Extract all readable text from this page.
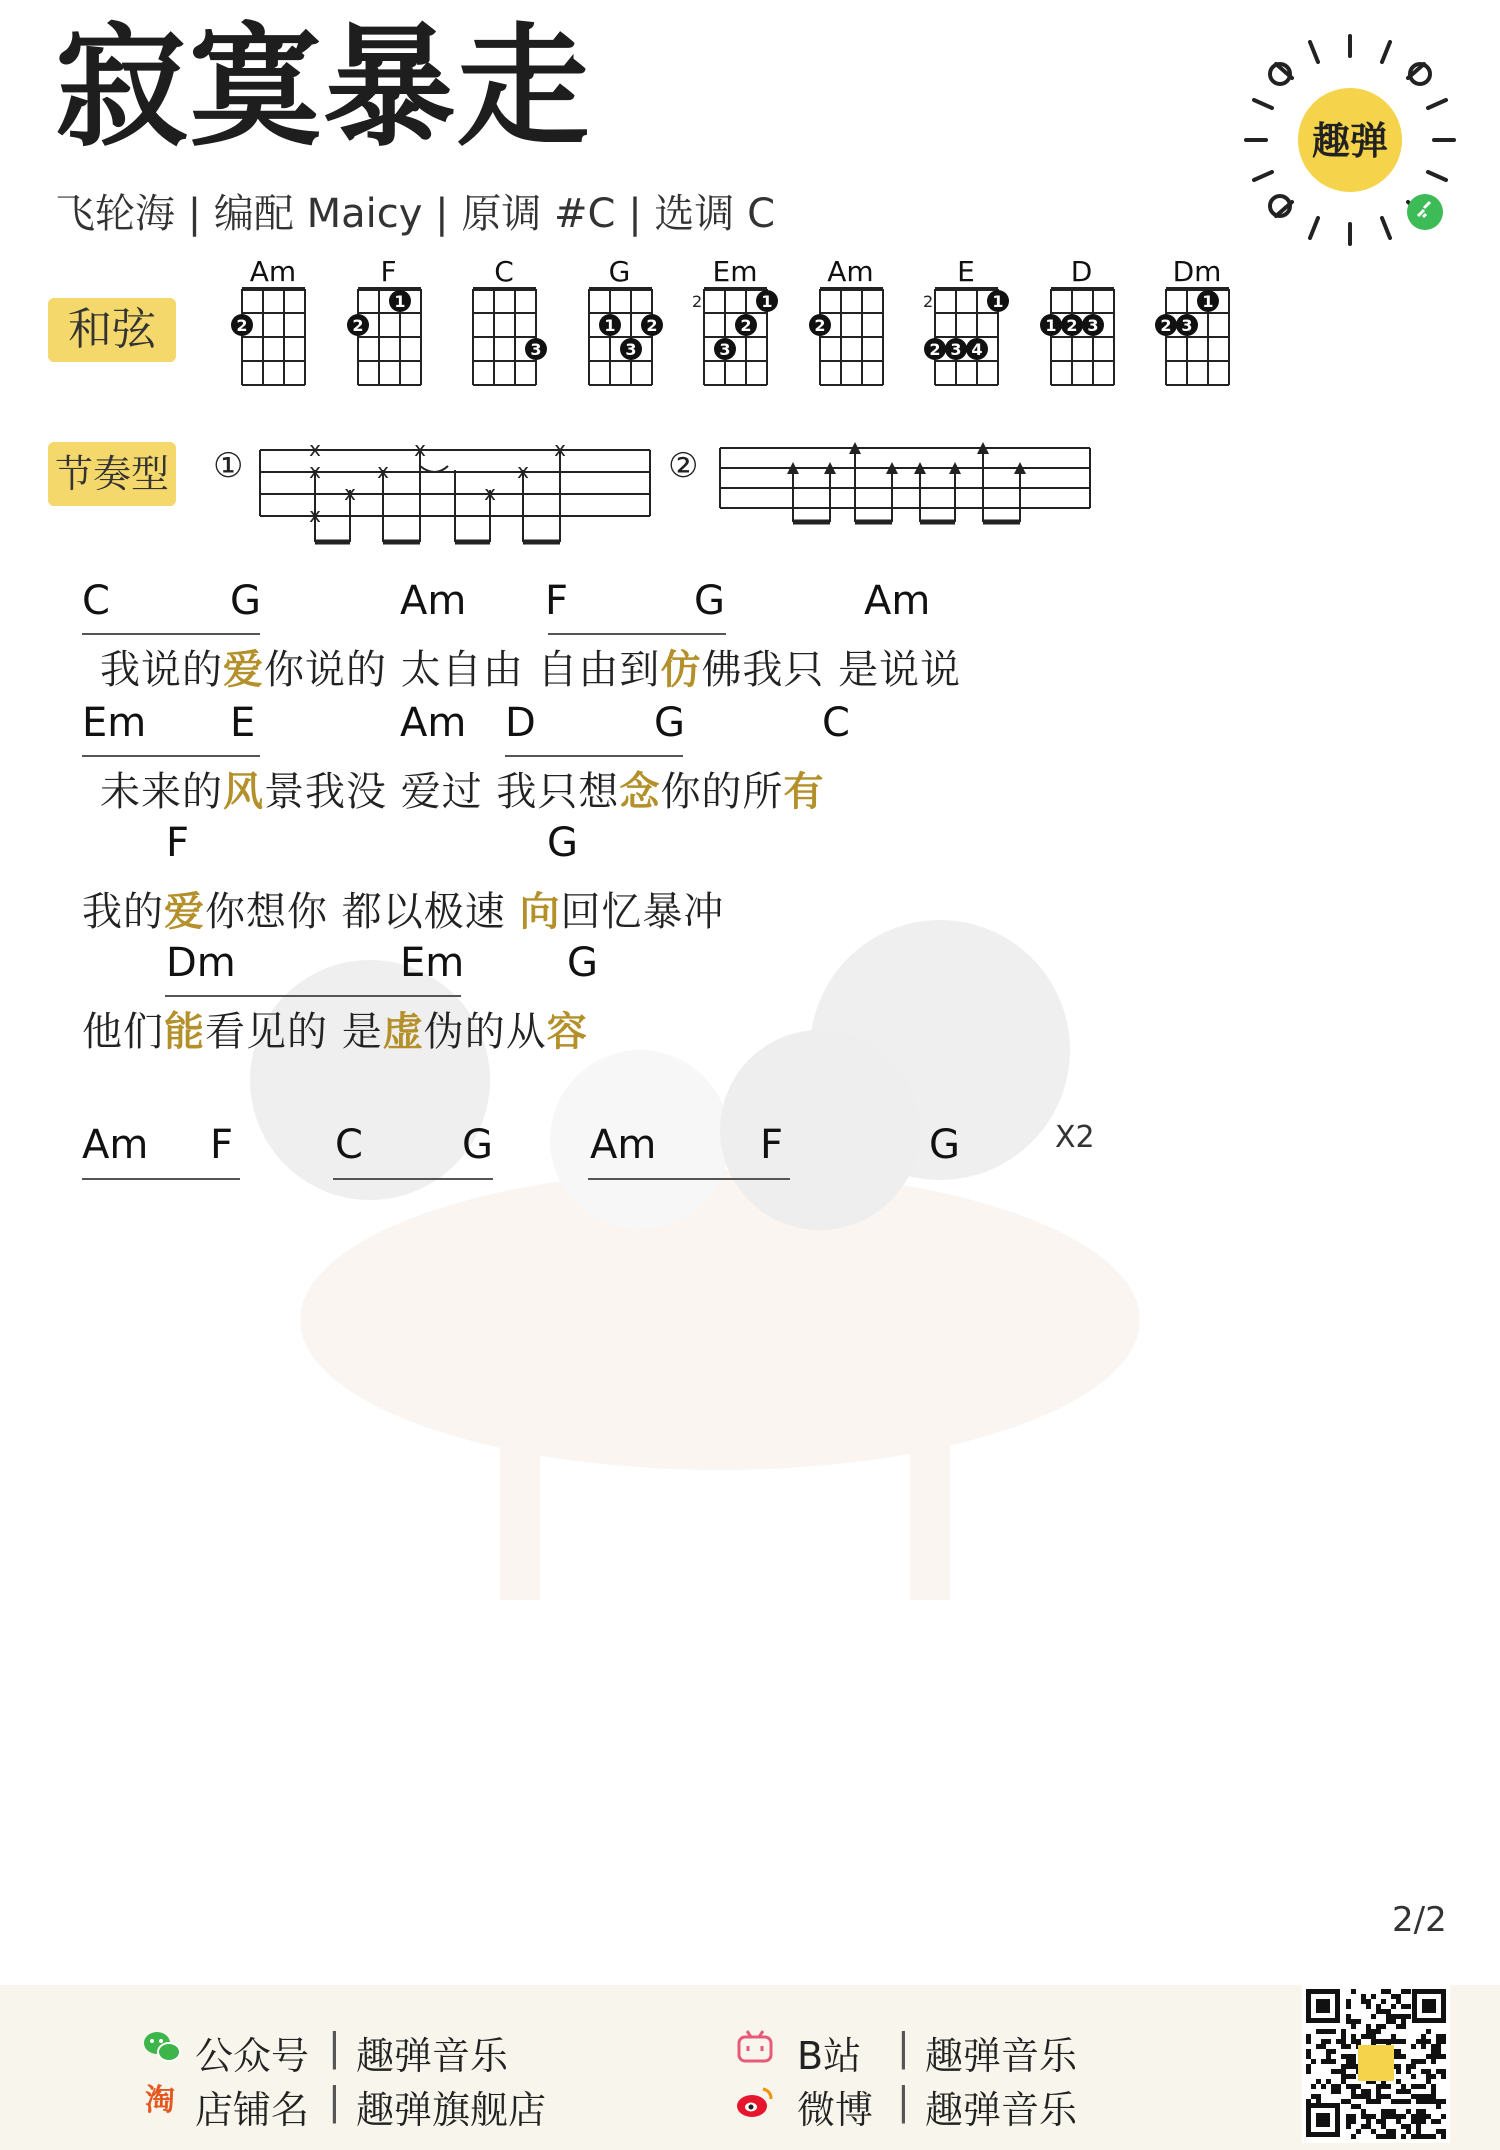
寂寞暴走
飞轮海 | 编配 Maicy | 原调 #C | 选调 C
趣弹
和弦
节奏型
Am
2
F
2
1
C
3
G
1 2
3
Em
2	1
2
3
Am
2
E
2	1
2 3 4
D
1 2 3
Dm
1
2 3
①	x
x
x
x
x
x
x
x
x	②
C	G	Am F	G	Am
我说的爱你说的 太自由 自由到仿佛我只 是说说
Em E	Am D	G	C
未来的风景我没 爱过 我只想念你的所有
F	G
我的爱你想你 都以极速 向回忆暴冲
Dm	Em	G
他们能看见的 是虚伪的从容
Am F	C G Am	F	G	X2
2/2
公众号 | 趣弹音乐
淘 店铺名 | 趣弹旗舰店
B站 | 趣弹音乐
微博 | 趣弹音乐
